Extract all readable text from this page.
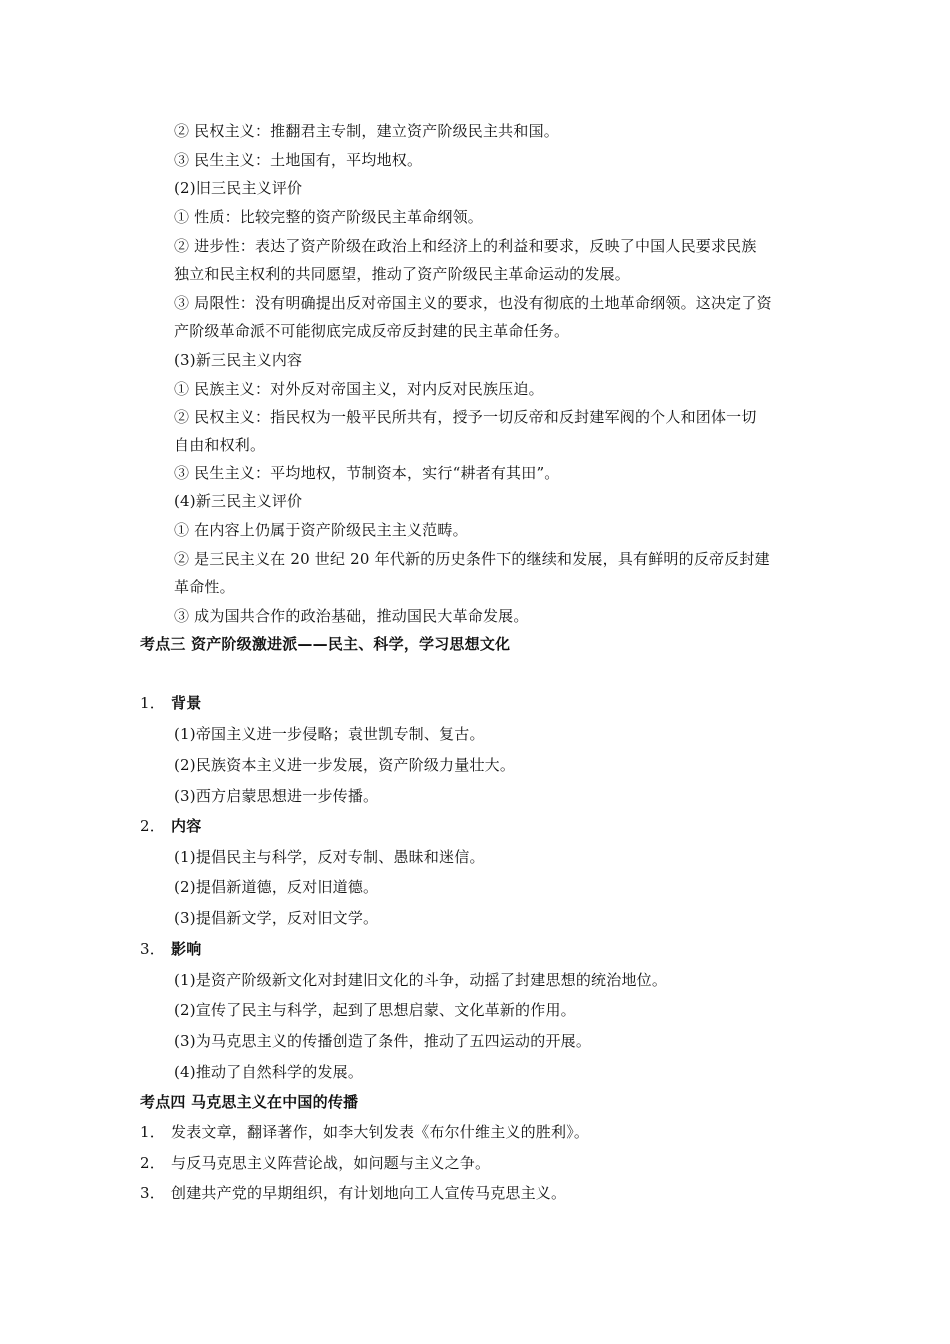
② 民权主义：推翻君主专制，建立资产阶级民主共和国。
③ 民生主义：土地国有，平均地权。
(2)旧三民主义评价
① 性质：比较完整的资产阶级民主革命纲领。
② 进步性：表达了资产阶级在政治上和经济上的利益和要求，反映了中国人民要求民族
独立和民主权利的共同愿望，推动了资产阶级民主革命运动的发展。
③ 局限性：没有明确提出反对帝国主义的要求，也没有彻底的土地革命纲领。这决定了资
产阶级革命派不可能彻底完成反帝反封建的民主革命任务。
(3)新三民主义内容
① 民族主义：对外反对帝国主义，对内反对民族压迫。
② 民权主义：指民权为一般平民所共有，授予一切反帝和反封建军阀的个人和团体一切
自由和权利。
③ 民生主义：平均地权，节制资本，实行“耕者有其田”。
(4)新三民主义评价
① 在内容上仍属于资产阶级民主主义范畴。
② 是三民主义在 20 世纪 20 年代新的历史条件下的继续和发展，具有鲜明的反帝反封建
革命性。
③ 成为国共合作的政治基础，推动国民大革命发展。
考点三 资产阶级激进派——民主、科学，学习思想文化
1． 背景
(1)帝国主义进一步侵略；袁世凯专制、复古。
(2)民族资本主义进一步发展，资产阶级力量壮大。
(3)西方启蒙思想进一步传播。
2． 内容
(1)提倡民主与科学，反对专制、愚昧和迷信。
(2)提倡新道德，反对旧道德。
(3)提倡新文学，反对旧文学。
3． 影响
(1)是资产阶级新文化对封建旧文化的斗争，动摇了封建思想的统治地位。
(2)宣传了民主与科学，起到了思想启蒙、文化革新的作用。
(3)为马克思主义的传播创造了条件，推动了五四运动的开展。
(4)推动了自然科学的发展。
考点四 马克思主义在中国的传播
1． 发表文章，翻译著作，如李大钊发表《布尔什维主义的胜利》。
2． 与反马克思主义阵营论战，如问题与主义之争。
3． 创建共产党的早期组织，有计划地向工人宣传马克思主义。
